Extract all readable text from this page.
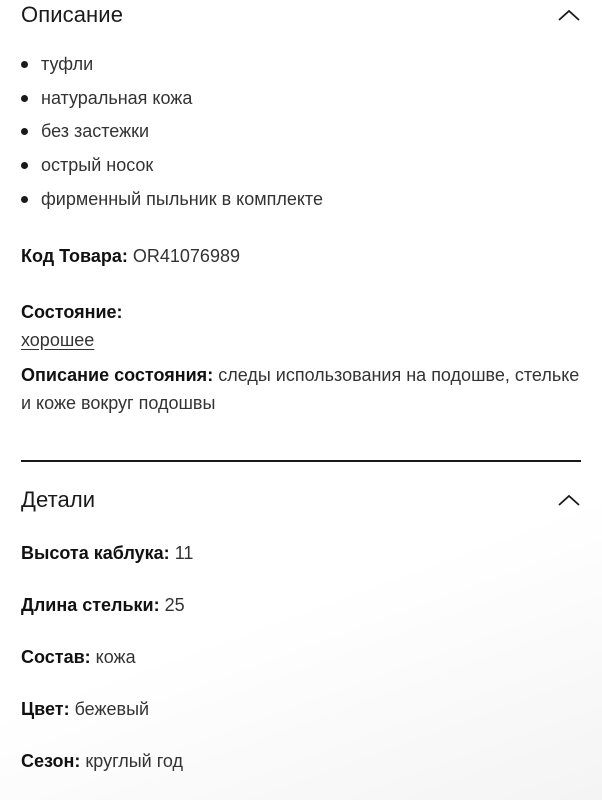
Описание
туфли
натуральная кожа
без застежки
острый носок
фирменный пыльник в комплекте
Код Товара: OR41076989
Состояние:
хорошее
Описание состояния: следы использования на подошве, стельке и коже вокруг подошвы
Детали
Высота каблука: 11
Длина стельки: 25
Состав: кожа
Цвет: бежевый
Сезон: круглый год
